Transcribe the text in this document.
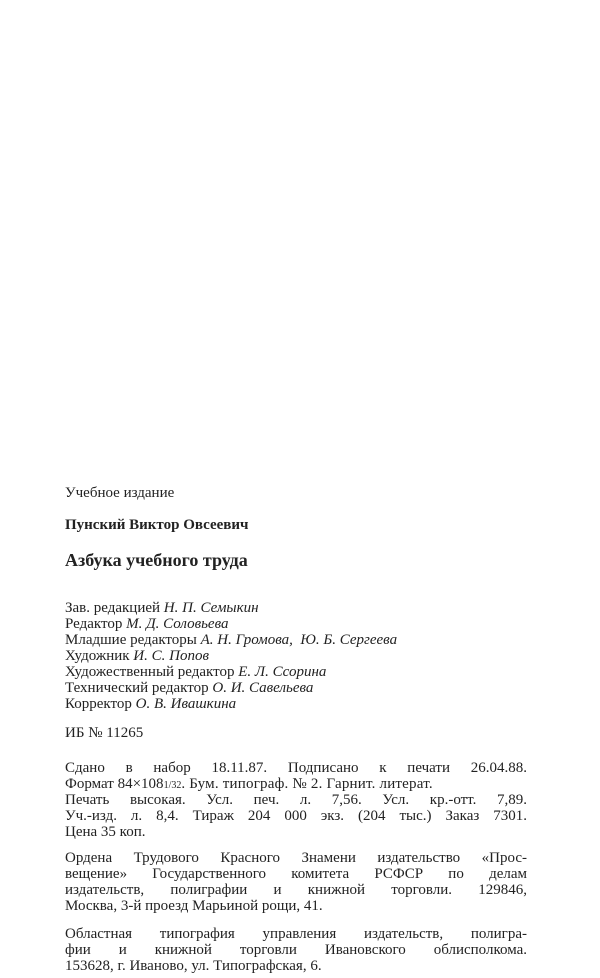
Учебное издание
Пунский Виктор Овсеевич
Азбука учебного труда
Зав. редакцией Н. П. Семыкин
Редактор М. Д. Соловьева
Младшие редакторы А. Н. Громова,  Ю. Б. Сергеева
Художник И. С. Попов
Художественный редактор Е. Л. Ссорина
Технический редактор О. И. Савельева
Корректор О. В. Ивашкина
ИБ № 11265
Сдано в набор 18.11.87. Подписано к печати 26.04.88.
Формат 84×1081/32. Бум. типограф. № 2. Гарнит. литерат.
Печать высокая. Усл. печ. л. 7,56. Усл. кр.-отт. 7,89.
Уч.-изд. л. 8,4. Тираж 204 000 экз. (204 тыс.) Заказ 7301.
Цена 35 коп.
Ордена Трудового Красного Знамени издательство «Прос-
вещение» Государственного комитета РСФСР по делам
издательств, полиграфии и книжной торговли. 129846,
Москва, 3-й проезд Марьиной рощи, 41.
Областная типография управления издательств, полигра-
фии и книжной торговли Ивановского облисполкома.
153628, г. Иваново, ул. Типографская, 6.
